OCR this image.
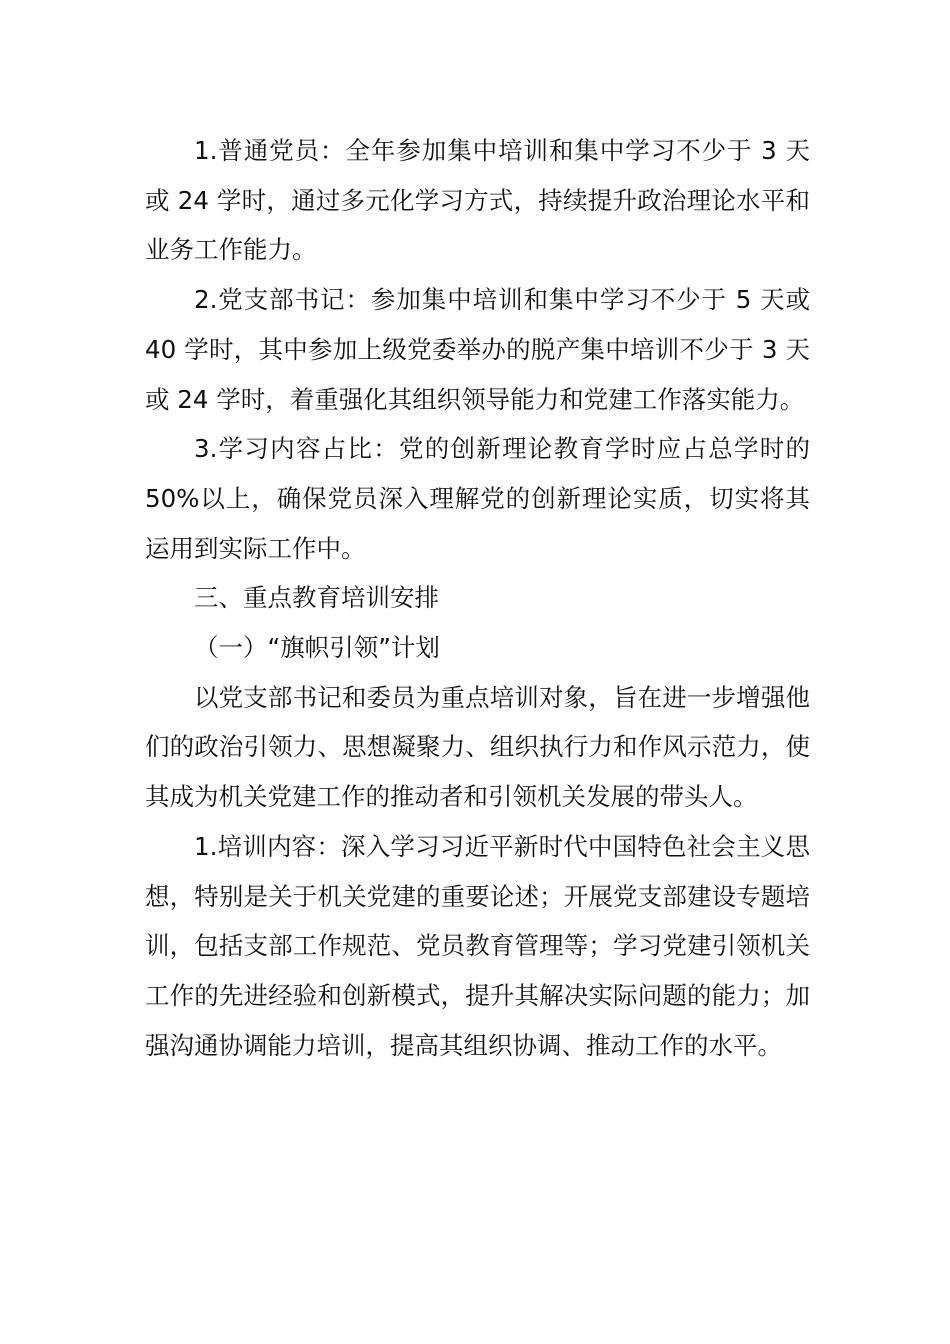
1.普通党员：全年参加集中培训和集中学习不少于 3 天或 24 学时，通过多元化学习方式，持续提升政治理论水平和业务工作能力。

2.党支部书记：参加集中培训和集中学习不少于 5 天或 40 学时，其中参加上级党委举办的脱产集中培训不少于 3 天或 24 学时，着重强化其组织领导能力和党建工作落实能力。

3.学习内容占比：党的创新理论教育学时应占总学时的 50%以上，确保党员深入理解党的创新理论实质，切实将其运用到实际工作中。

三、重点教育培训安排

（一）“旗帜引领”计划

以党支部书记和委员为重点培训对象，旨在进一步增强他们的政治引领力、思想凝聚力、组织执行力和作风示范力，使其成为机关党建工作的推动者和引领机关发展的带头人。

1.培训内容：深入学习习近平新时代中国特色社会主义思想，特别是关于机关党建的重要论述；开展党支部建设专题培训，包括支部工作规范、党员教育管理等；学习党建引领机关工作的先进经验和创新模式，提升其解决实际问题的能力；加强沟通协调能力培训，提高其组织协调、推动工作的水平。
